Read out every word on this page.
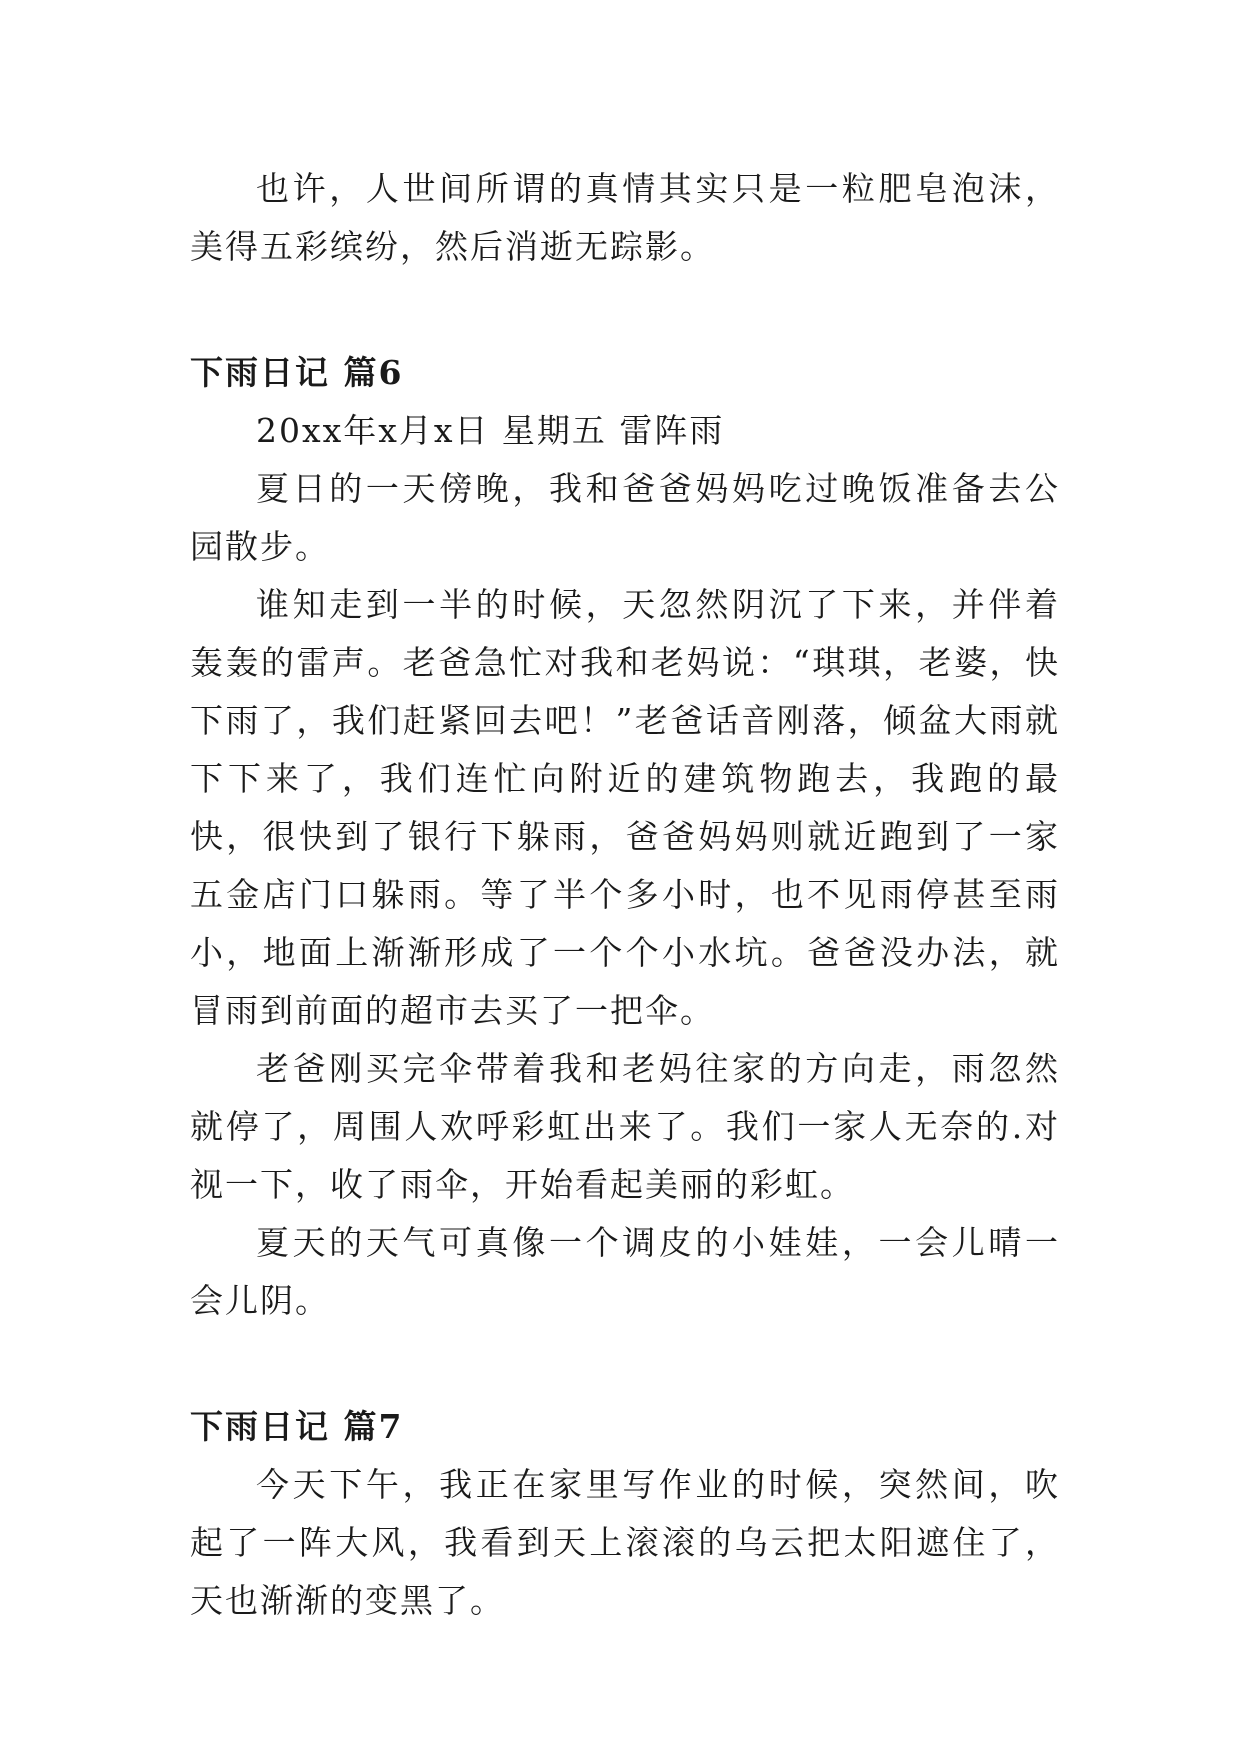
也许，人世间所谓的真情其实只是一粒肥皂泡沫，美得五彩缤纷，然后消逝无踪影。

下雨日记 篇6

20xx年x月x日 星期五 雷阵雨

夏日的一天傍晚，我和爸爸妈妈吃过晚饭准备去公园散步。

谁知走到一半的时候，天忽然阴沉了下来，并伴着轰轰的雷声。老爸急忙对我和老妈说：“琪琪，老婆，快下雨了，我们赶紧回去吧！”老爸话音刚落，倾盆大雨就下下来了，我们连忙向附近的建筑物跑去，我跑的最快，很快到了银行下躲雨，爸爸妈妈则就近跑到了一家五金店门口躲雨。等了半个多小时，也不见雨停甚至雨小，地面上渐渐形成了一个个小水坑。爸爸没办法，就冒雨到前面的超市去买了一把伞。

老爸刚买完伞带着我和老妈往家的方向走，雨忽然就停了，周围人欢呼彩虹出来了。我们一家人无奈的.对视一下，收了雨伞，开始看起美丽的彩虹。

夏天的天气可真像一个调皮的小娃娃，一会儿晴一会儿阴。

下雨日记 篇7

今天下午，我正在家里写作业的时候，突然间，吹起了一阵大风，我看到天上滚滚的乌云把太阳遮住了，天也渐渐的变黑了。
